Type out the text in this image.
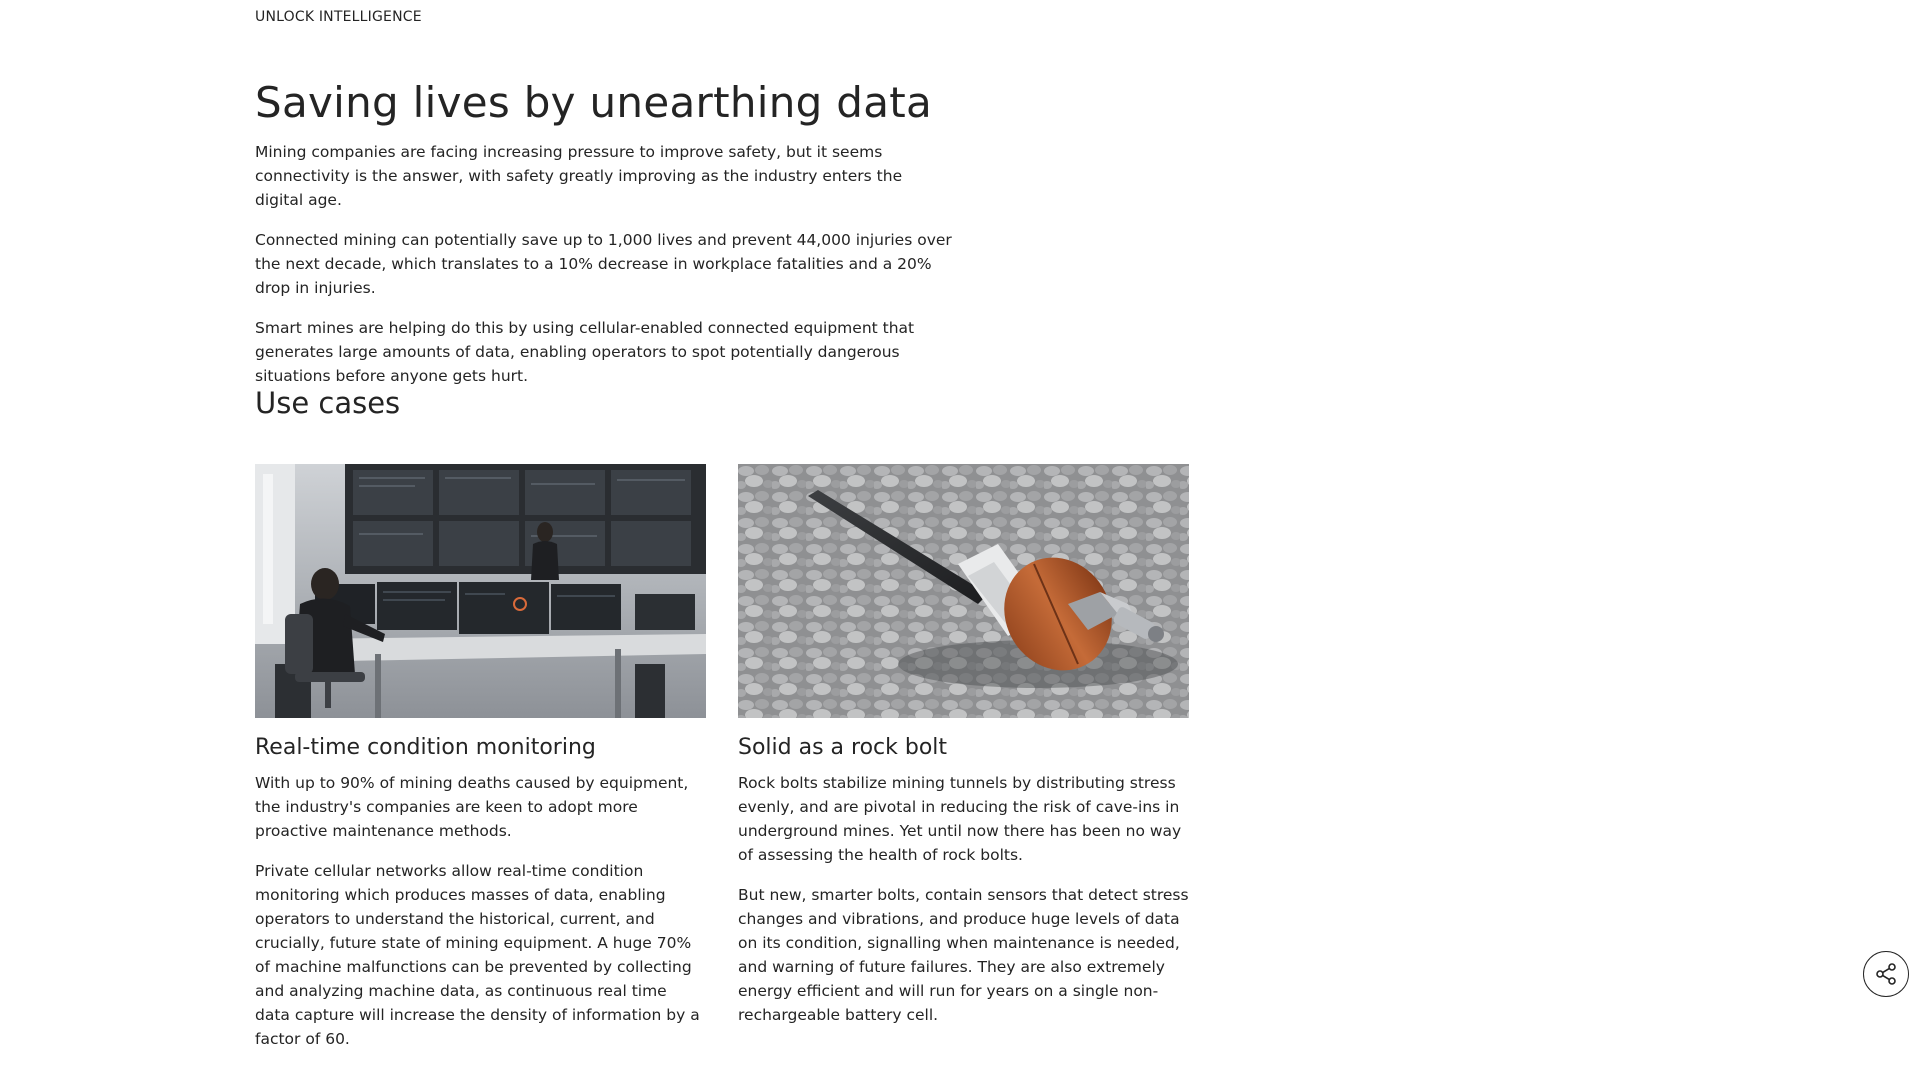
UNLOCK INTELLIGENCE
Saving lives by unearthing data

Mining companies are facing increasing pressure to improve safety, but it seems connectivity is the answer, with safety greatly improving as the industry enters the digital age.

Connected mining can potentially save up to 1,000 lives and prevent 44,000 injuries over the next decade, which translates to a 10% decrease in workplace fatalities and a 20% drop in injuries.

Smart mines are helping do this by using cellular-enabled connected equipment that generates large amounts of data, enabling operators to spot potentially dangerous situations before anyone gets hurt.

Use cases
Real-time condition monitoring

With up to 90% of mining deaths caused by equipment, the industry's companies are keen to adopt more proactive maintenance methods.

Private cellular networks allow real-time condition monitoring which produces masses of data, enabling operators to understand the historical, current, and crucially, future state of mining equipment. A huge 70% of machine malfunctions can be prevented by collecting and analyzing machine data, as continuous real time data capture will increase the density of information by a factor of 60.

Solid as a rock bolt

Rock bolts stabilize mining tunnels by distributing stress evenly, and are pivotal in reducing the risk of cave-ins in underground mines. Yet until now there has been no way of assessing the health of rock bolts.

But new, smarter bolts, contain sensors that detect stress changes and vibrations, and produce huge levels of data on its condition, signalling when maintenance is needed, and warning of future failures. They are also extremely energy efficient and will run for years on a single non-rechargeable battery cell.
